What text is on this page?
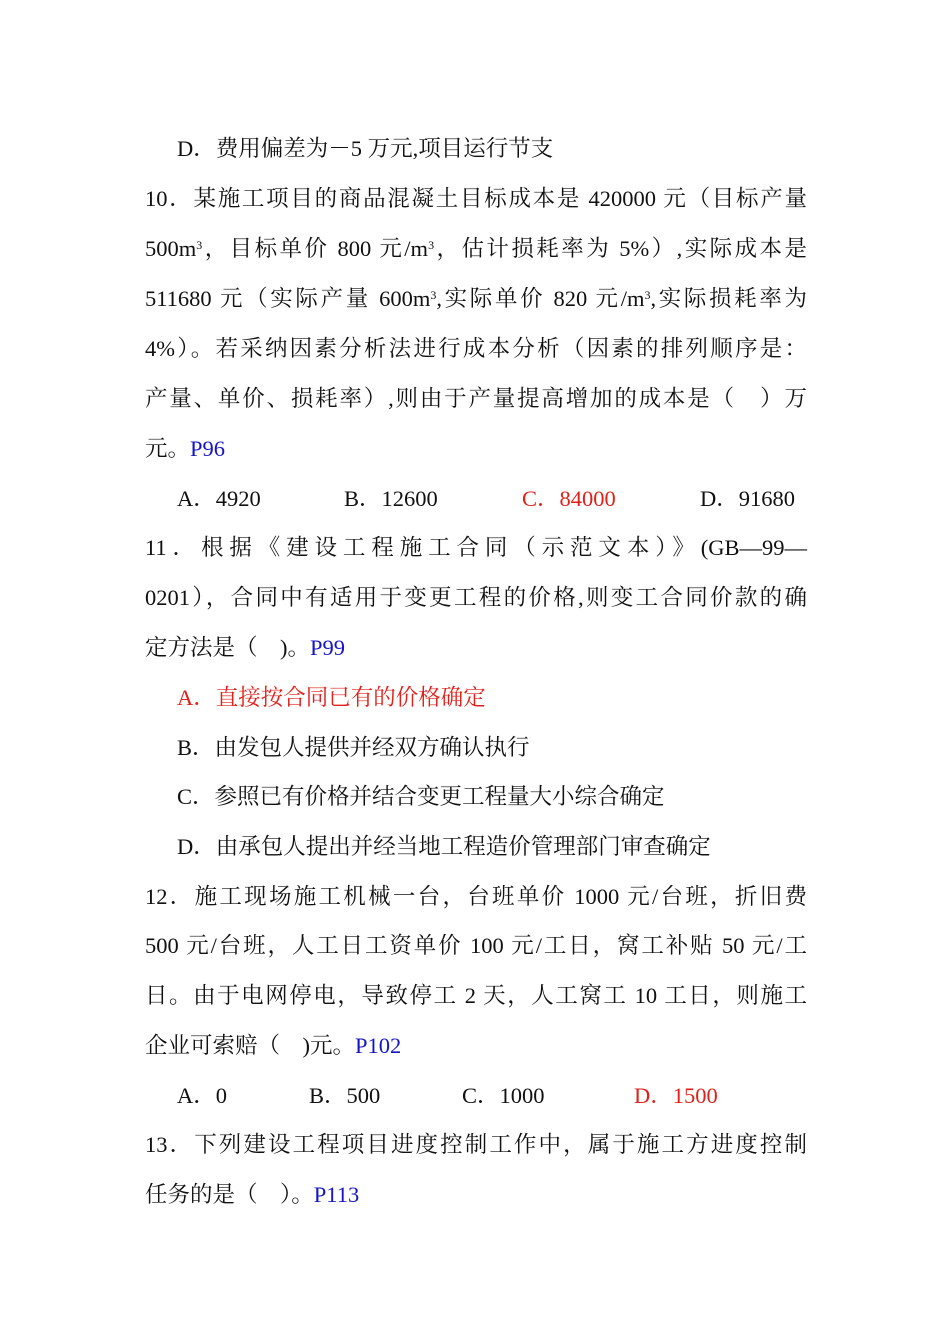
D．费用偏差为－5 万元,项目运行节支
10．某施工项目的商品混凝土目标成本是 420000 元（目标产量
$500m^3$，目标单价 800 元$/m^3$，估计损耗率为 5%）,实际成本是
511680 元（实际产量 $600m^3$,实际单价 820 元$/m^3$,实际损耗率为
4%）。若采纳因素分析法进行成本分析（因素的排列顺序是：
产量、单价、损耗率）,则由于产量提高增加的成本是（　）万
元。P96
A．4920	B．12600	C．84000	D．91680
11．根据《建设工程施工合同（示范文本）》(GB—99—
0201），合同中有适用于变更工程的价格,则变工合同价款的确
定方法是（　)。P99
A．直接按合同已有的价格确定
B．由发包人提供并经双方确认执行
C．参照已有价格并结合变更工程量大小综合确定
D．由承包人提出并经当地工程造价管理部门审查确定
12．施工现场施工机械一台，台班单价 1000 元/台班，折旧费
500 元/台班，人工日工资单价 100 元/工日，窝工补贴 50 元/工
日。由于电网停电，导致停工 2 天，人工窝工 10 工日，则施工
企业可索赔（　)元。P102
A．0	B．500	C．1000	D．1500
13．下列建设工程项目进度控制工作中，属于施工方进度控制
任务的是（　）。P113
